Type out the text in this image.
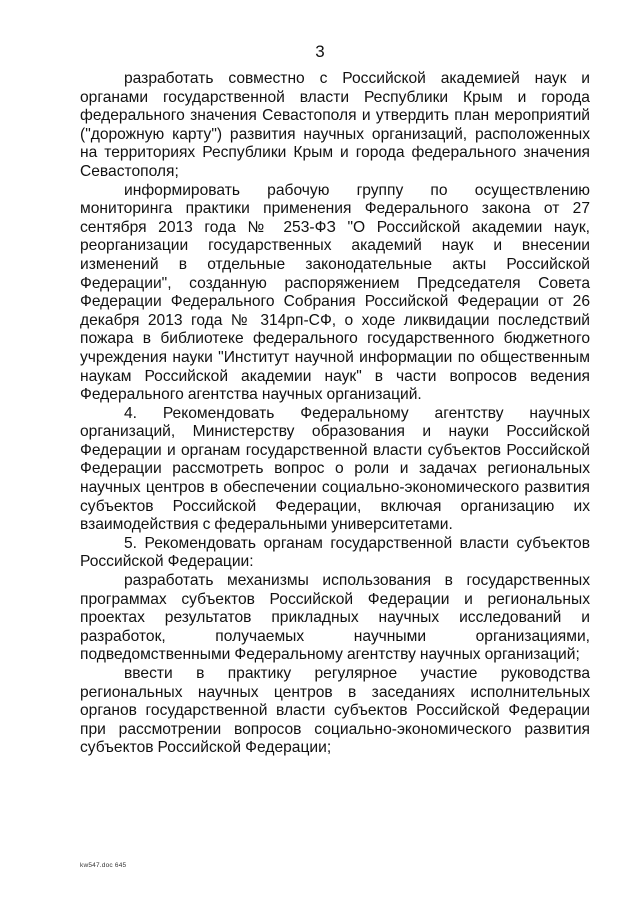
3

разработать совместно с Российской академией наук и органами государственной власти Республики Крым и города федерального значения Севастополя и утвердить план мероприятий ("дорожную карту") развития научных организаций, расположенных на территориях Республики Крым и города федерального значения Севастополя;

информировать рабочую группу по осуществлению мониторинга практики применения Федерального закона от 27 сентября 2013 года № 253-ФЗ "О Российской академии наук, реорганизации государственных академий наук и внесении изменений в отдельные законодательные акты Российской Федерации", созданную распоряжением Председателя Совета Федерации Федерального Собрания Российской Федерации от 26 декабря 2013 года № 314рп-СФ, о ходе ликвидации последствий пожара в библиотеке федерального государственного бюджетного учреждения науки "Институт научной информации по общественным наукам Российской академии наук" в части вопросов ведения Федерального агентства научных организаций.

4. Рекомендовать Федеральному агентству научных организаций, Министерству образования и науки Российской Федерации и органам государственной власти субъектов Российской Федерации рассмотреть вопрос о роли и задачах региональных научных центров в обеспечении социально-экономического развития субъектов Российской Федерации, включая организацию их взаимодействия с федеральными университетами.

5. Рекомендовать органам государственной власти субъектов Российской Федерации:

разработать механизмы использования в государственных программах субъектов Российской Федерации и региональных проектах результатов прикладных научных исследований и разработок, получаемых научными организациями, подведомственными Федеральному агентству научных организаций;

ввести в практику регулярное участие руководства региональных научных центров в заседаниях исполнительных органов государственной власти субъектов Российской Федерации при рассмотрении вопросов социально-экономического развития субъектов Российской Федерации;

kw547.doc 645
